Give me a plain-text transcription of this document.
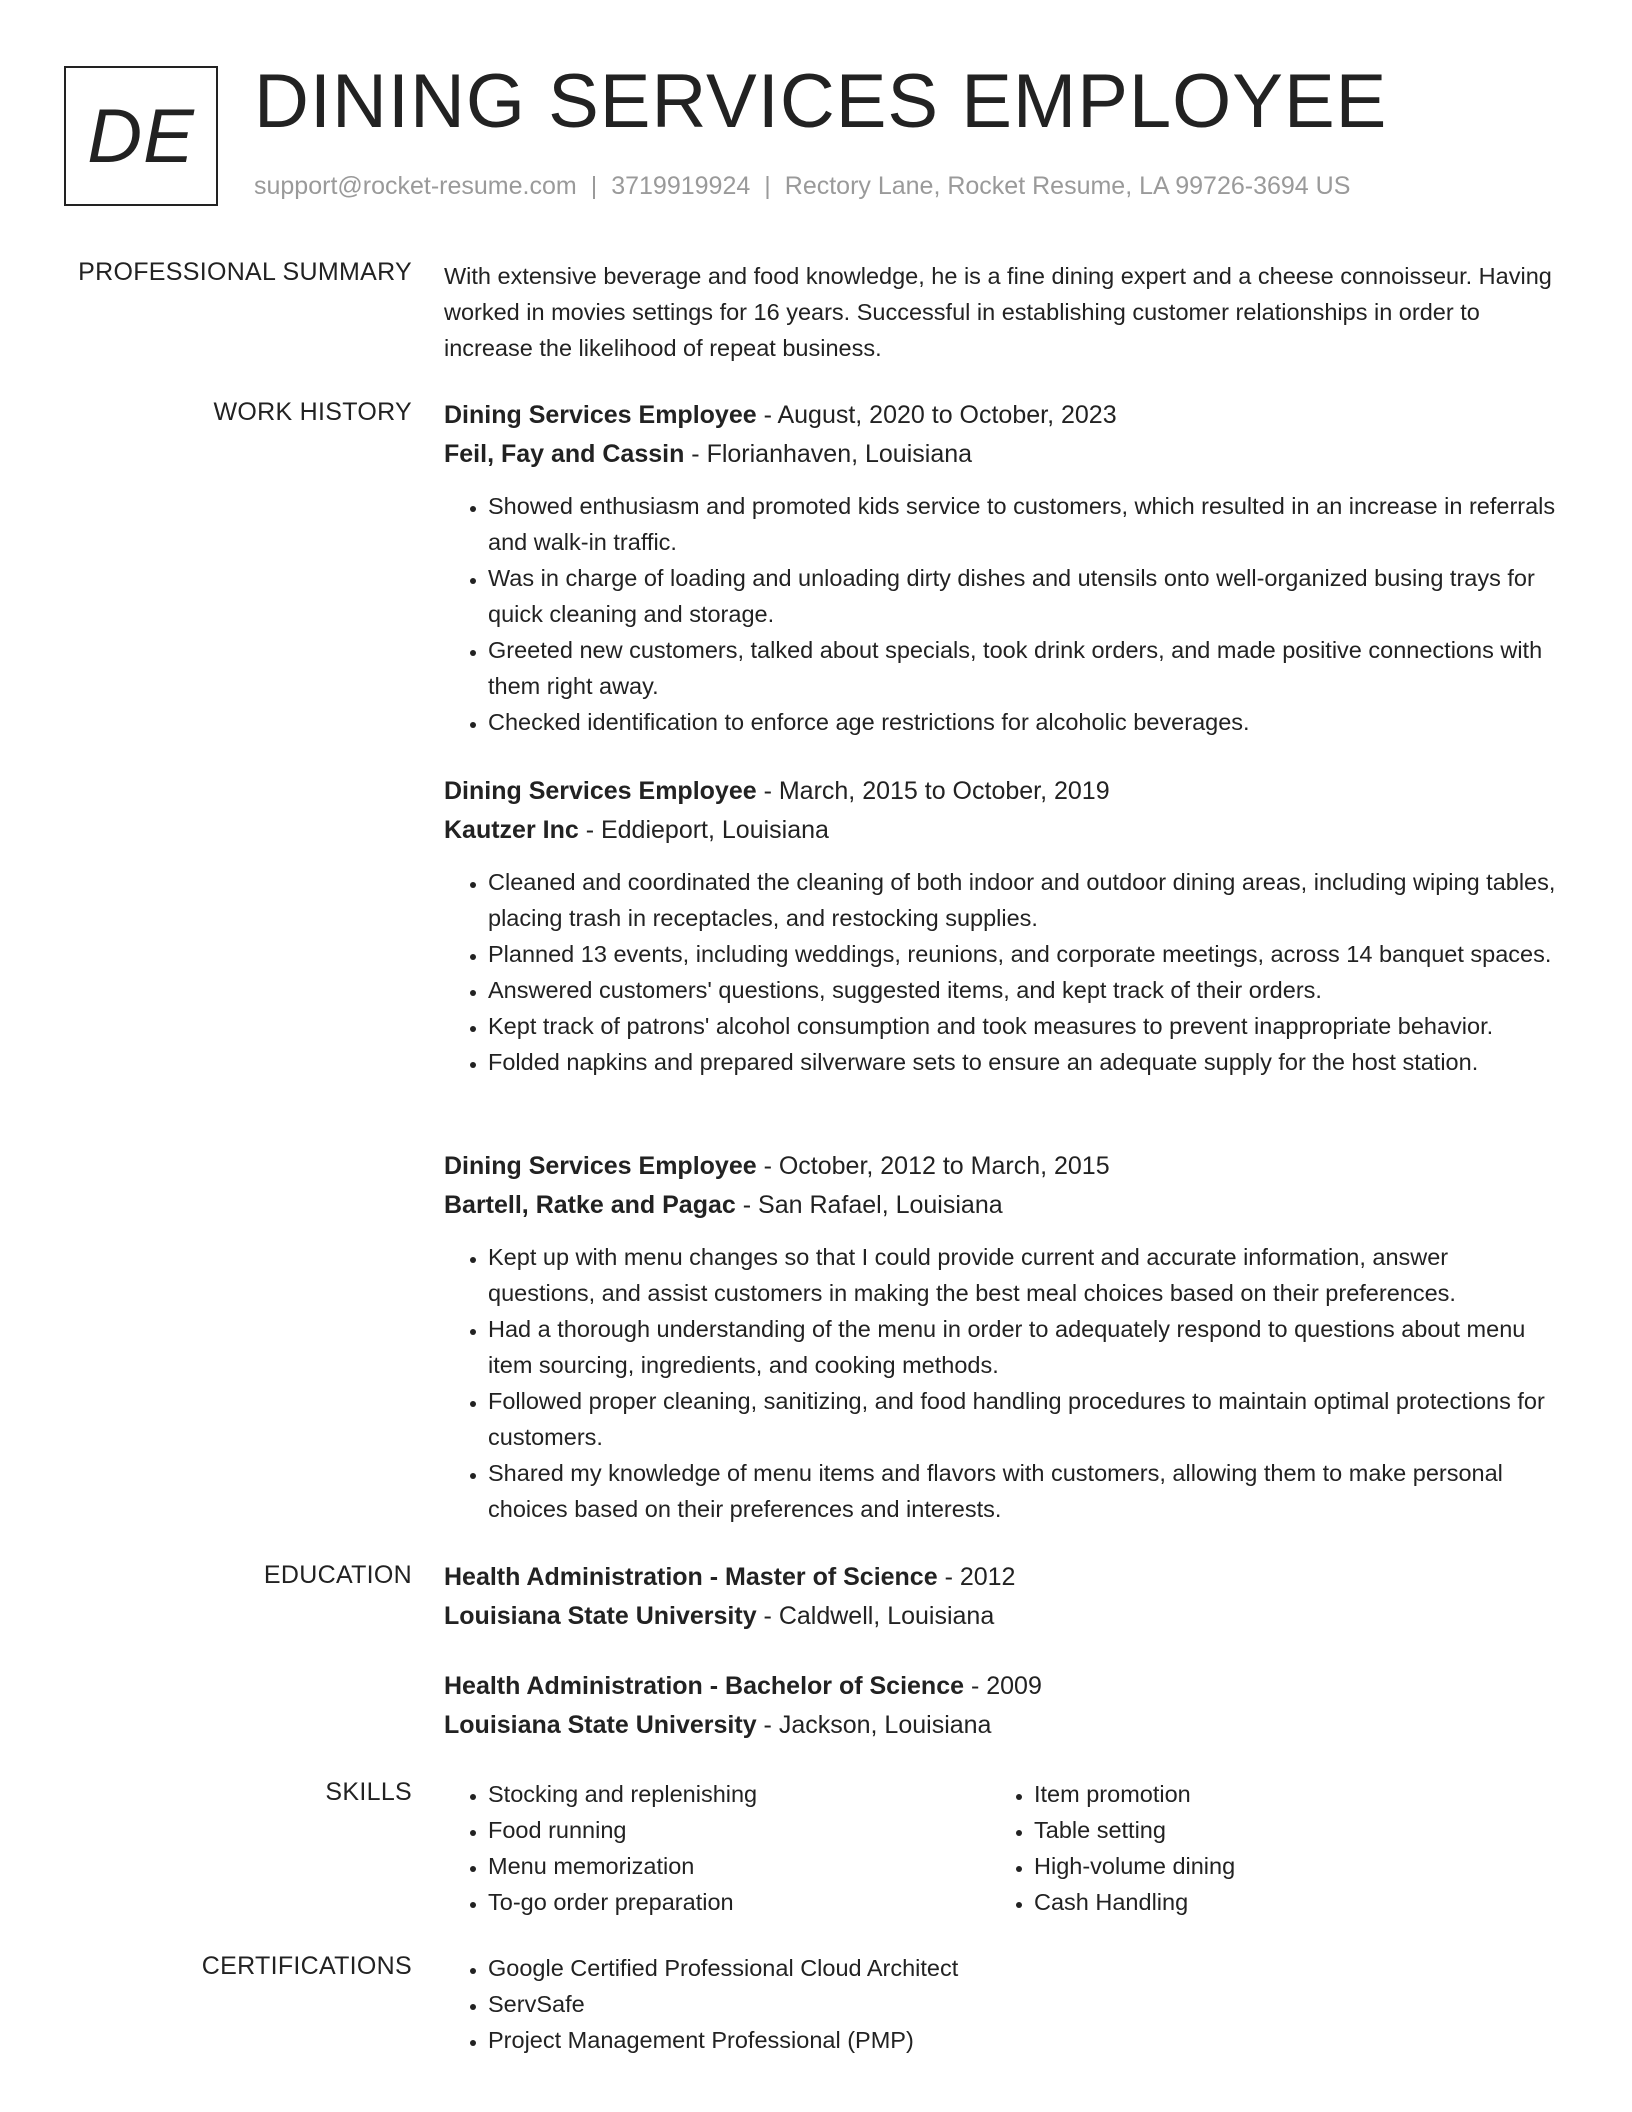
DE DINING SERVICES EMPLOYEE
support@rocket-resume.com | 3719919924 | Rectory Lane, Rocket Resume, LA 99726-3694 US
PROFESSIONAL SUMMARY With extensive beverage and food knowledge, he is a fine dining expert and a cheese connoisseur. Having worked in movies settings for 16 years. Successful in establishing customer relationships in order to increase the likelihood of repeat business.

WORK HISTORY Dining Services Employee - August, 2020 to October, 2023
Feil, Fay and Cassin - Florianhaven, Louisiana
• Showed enthusiasm and promoted kids service to customers, which resulted in an increase in referrals and walk-in traffic.
• Was in charge of loading and unloading dirty dishes and utensils onto well-organized busing trays for quick cleaning and storage.
• Greeted new customers, talked about specials, took drink orders, and made positive connections with them right away.
• Checked identification to enforce age restrictions for alcoholic beverages.
Dining Services Employee - March, 2015 to October, 2019
Kautzer Inc - Eddieport, Louisiana
• Cleaned and coordinated the cleaning of both indoor and outdoor dining areas, including wiping tables, placing trash in receptacles, and restocking supplies.
• Planned 13 events, including weddings, reunions, and corporate meetings, across 14 banquet spaces.
• Answered customers' questions, suggested items, and kept track of their orders.
• Kept track of patrons' alcohol consumption and took measures to prevent inappropriate behavior.
• Folded napkins and prepared silverware sets to ensure an adequate supply for the host station.
Dining Services Employee - October, 2012 to March, 2015
Bartell, Ratke and Pagac - San Rafael, Louisiana
• Kept up with menu changes so that I could provide current and accurate information, answer questions, and assist customers in making the best meal choices based on their preferences.
• Had a thorough understanding of the menu in order to adequately respond to questions about menu item sourcing, ingredients, and cooking methods.
• Followed proper cleaning, sanitizing, and food handling procedures to maintain optimal protections for customers.
• Shared my knowledge of menu items and flavors with customers, allowing them to make personal choices based on their preferences and interests.
EDUCATION Health Administration - Master of Science - 2012
Louisiana State University - Caldwell, Louisiana
Health Administration - Bachelor of Science - 2009
Louisiana State University - Jackson, Louisiana
SKILLS	• Stocking and replenishing
• Food running
• Menu memorization
• To-go order preparation
• Item promotion
• Table setting
• High-volume dining
• Cash Handling
CERTIFICATIONS	• Google Certified Professional Cloud Architect
• ServSafe
• Project Management Professional (PMP)
